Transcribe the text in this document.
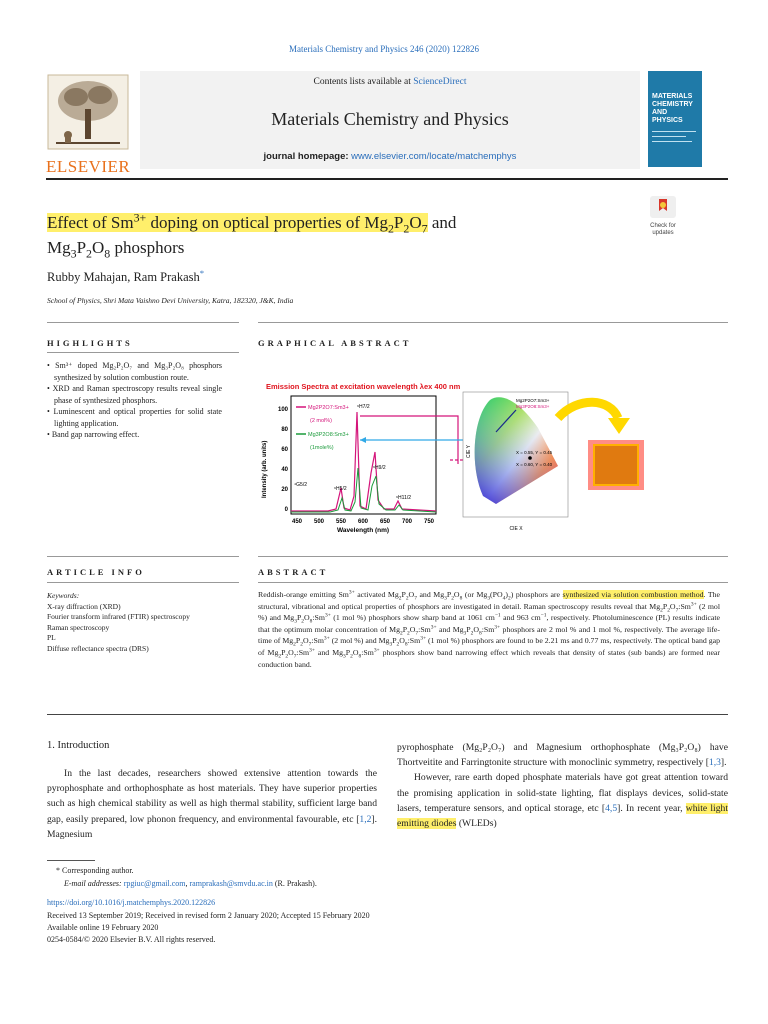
Materials Chemistry and Physics 246 (2020) 122826
ELSEVIER
Contents lists available at ScienceDirect
Materials Chemistry and Physics
journal homepage: www.elsevier.com/locate/matchemphys
MATERIALS CHEMISTRY AND PHYSICS
Check for updates
Effect of $Sm^{3+}$ doping on optical properties of $Mg_2P_2O_7$ and
$Mg_3P_2O_8$ phosphors
Rubby Mahajan, Ram Prakash*
School of Physics, Shri Mata Vaishno Devi University, Katra, 182320, J&K, India
HIGHLIGHTS	GRAPHICAL ABSTRACT
• Sm³⁺ doped Mg₂P₂O₇ and Mg₃P₂O₈ phosphors synthesized by solution combustion route.
• XRD and Raman spectroscopy results reveal single phase of synthesized phosphors.
• Luminescent and optical properties for solid state lighting application.
• Band gap narrowing effect.
Emission Spectra at excitation wavelength λex 400 nm
Intensity (arb. units)
100
80
60
40
20
0
450 500 550 600 650 700 750
Wavelength (nm)
Mg2P2O7:Sm3+
(2 mol%)
Mg3P2O8:Sm3+
(1mole%)
⁴G5/2
⁶H5/2
⁶H7/2
⁶H9/2
⁶H11/2
Mg2P2O7:Sm3+
Mg3P2O8:Sm3+
X = 0.55, Y = 0.45
X = 0.60, Y = 0.40
CIE X
CIE Y
ARTICLE INFO	ABSTRACT
Keywords:
X-ray diffraction (XRD)
Fourier transform infrared (FTIR) spectroscopy
Raman spectroscopy
PL
Diffuse reflectance spectra (DRS)
Reddish-orange emitting $Sm^{3+}$ activated $Mg_2P_2O_7$ and $Mg_3P_2O_8$ (or $Mg_3(PO_4)_2$) phosphors are synthesized via solution combustion method. The structural, vibrational and optical properties of phosphors are investigated in detail. Raman spectroscopy results reveal that $Mg_2P_2O_7:Sm^{3+}$ (2 mol %) and $Mg_3P_2O_8:Sm^{3+}$ (1 mol %) phosphors show sharp band at 1061 $cm^{-1}$ and 963 $cm^{-1}$, respectively. Photoluminescence (PL) results indicate that the optimum molar concentration of $Mg_2P_2O_7:Sm^{3+}$ and $Mg_3P_2O_8:Sm^{3+}$ phosphors are 2 mol % and 1 mol %, respectively. The average life-time of $Mg_2P_2O_7:Sm^{3+}$ (2 mol %) and $Mg_3P_2O_8:Sm^{3+}$ (1 mol %) phosphors are found to be 2.21 ms and 0.77 ms, respectively. The optical band gap of $Mg_2P_2O_7:Sm^{3+}$ and $Mg_3P_2O_8:Sm^{3+}$ phosphors show band narrowing effect which reveals that density of states (sub bands) are formed near conduction band.
1. Introduction
In the last decades, researchers showed extensive attention towards the pyrophosphate and orthophosphate as host materials. They have superior properties such as high chemical stability as well as high thermal stability, sufficient large band gap, easily prepared, low phonon frequency, and environmental favourable, etc [1,2]. Magnesium
pyrophosphate (Mg₂P₂O₇) and Magnesium orthophosphate (Mg₃P₂O₈) have Thortveitite and Farringtonite structure with monoclinic symmetry, respectively [1,3].
However, rare earth doped phosphate materials have got great attention toward the promising application in solid-state lighting, flat displays devices, solid-state lasers, temperature sensors, and optical storage, etc [4,5]. In recent year, white light emitting diodes (WLEDs)
* Corresponding author.
E-mail addresses: rpgiuc@gmail.com, ramprakash@smvdu.ac.in (R. Prakash).
https://doi.org/10.1016/j.matchemphys.2020.122826
Received 13 September 2019; Received in revised form 2 January 2020; Accepted 15 February 2020
Available online 19 February 2020
0254-0584/© 2020 Elsevier B.V. All rights reserved.
